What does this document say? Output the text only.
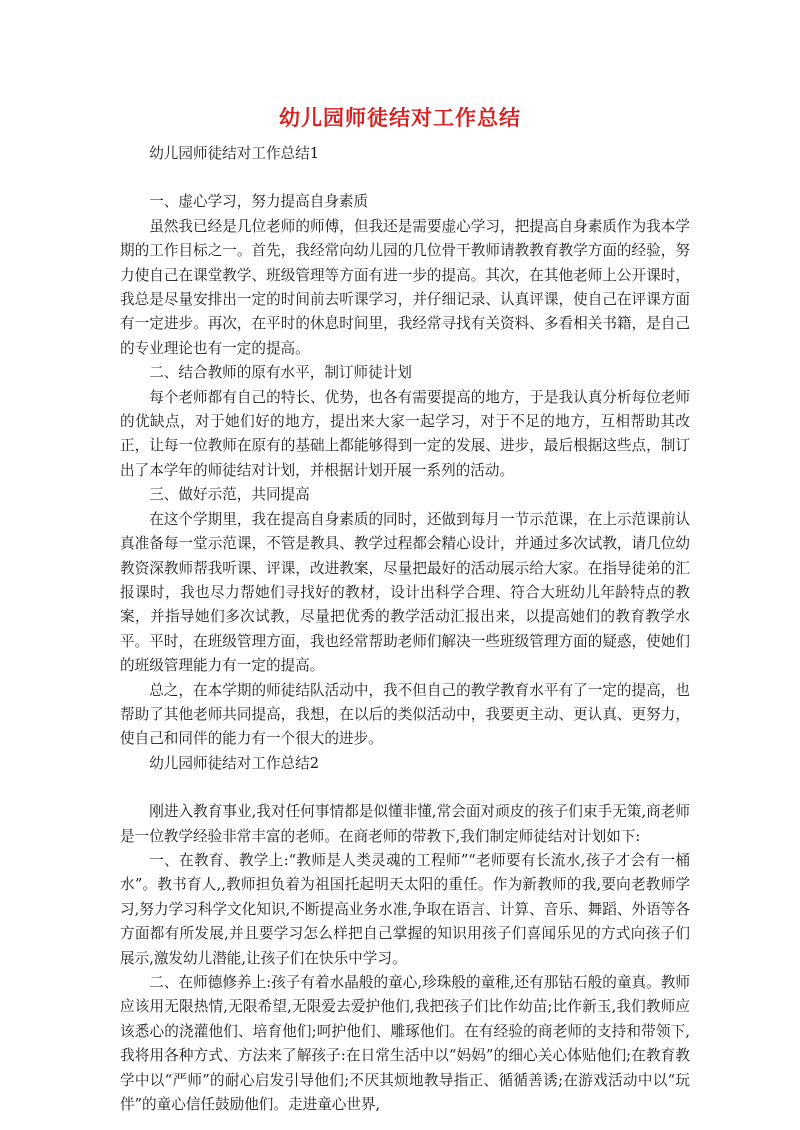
幼儿园师徒结对工作总结

幼儿园师徒结对工作总结1

一、虚心学习，努力提高自身素质

虽然我已经是几位老师的师傅，但我还是需要虚心学习，把提高自身素质作为我本学期的工作目标之一。首先，我经常向幼儿园的几位骨干教师请教教育教学方面的经验，努力使自己在课堂教学、班级管理等方面有进一步的提高。其次，在其他老师上公开课时，我总是尽量安排出一定的时间前去听课学习，并仔细记录、认真评课，使自己在评课方面有一定进步。再次，在平时的休息时间里，我经常寻找有关资料、多看相关书籍，是自己的专业理论也有一定的提高。

二、结合教师的原有水平，制订师徒计划

每个老师都有自己的特长、优势，也各有需要提高的地方，于是我认真分析每位老师的优缺点，对于她们好的地方，提出来大家一起学习，对于不足的地方，互相帮助其改正，让每一位教师在原有的基础上都能够得到一定的发展、进步，最后根据这些点，制订出了本学年的师徒结对计划，并根据计划开展一系列的活动。

三、做好示范，共同提高

在这个学期里，我在提高自身素质的同时，还做到每月一节示范课，在上示范课前认真准备每一堂示范课，不管是教具、教学过程都会精心设计，并通过多次试教，请几位幼教资深教师帮我听课、评课，改进教案，尽量把最好的活动展示给大家。在指导徒弟的汇报课时，我也尽力帮她们寻找好的教材，设计出科学合理、符合大班幼儿年龄特点的教案，并指导她们多次试教，尽量把优秀的教学活动汇报出来，以提高她们的教育教学水平。平时，在班级管理方面，我也经常帮助老师们解决一些班级管理方面的疑惑，使她们的班级管理能力有一定的提高。

总之，在本学期的师徒结队活动中，我不但自己的教学教育水平有了一定的提高，也帮助了其他老师共同提高，我想，在以后的类似活动中，我要更主动、更认真、更努力，使自己和同伴的能力有一个很大的进步。

幼儿园师徒结对工作总结2

刚进入教育事业,我对任何事情都是似懂非懂,常会面对顽皮的孩子们束手无策,商老师是一位教学经验非常丰富的老师。在商老师的带教下,我们制定师徒结对计划如下:

一、在教育、教学上:“教师是人类灵魂的工程师”“老师要有长流水,孩子才会有一桶水”。教书育人,,教师担负着为祖国托起明天太阳的重任。作为新教师的我,要向老教师学习,努力学习科学文化知识,不断提高业务水准,争取在语言、计算、音乐、舞蹈、外语等各方面都有所发展,并且要学习怎么样把自己掌握的知识用孩子们喜闻乐见的方式向孩子们展示,激发幼儿潜能,让孩子们在快乐中学习。

二、在师德修养上:孩子有着水晶般的童心,珍珠般的童稚,还有那钻石般的童真。教师应该用无限热情,无限希望,无限爱去爱护他们,我把孩子们比作幼苗;比作新玉,我们教师应该悉心的浇灌他们、培育他们;呵护他们、雕琢他们。在有经验的商老师的支持和带领下,我将用各种方式、方法来了解孩子:在日常生活中以“妈妈”的细心关心体贴他们;在教育教学中以“严师”的耐心启发引导他们;不厌其烦地教导指正、循循善诱;在游戏活动中以“玩伴”的童心信任鼓励他们。走进童心世界,
